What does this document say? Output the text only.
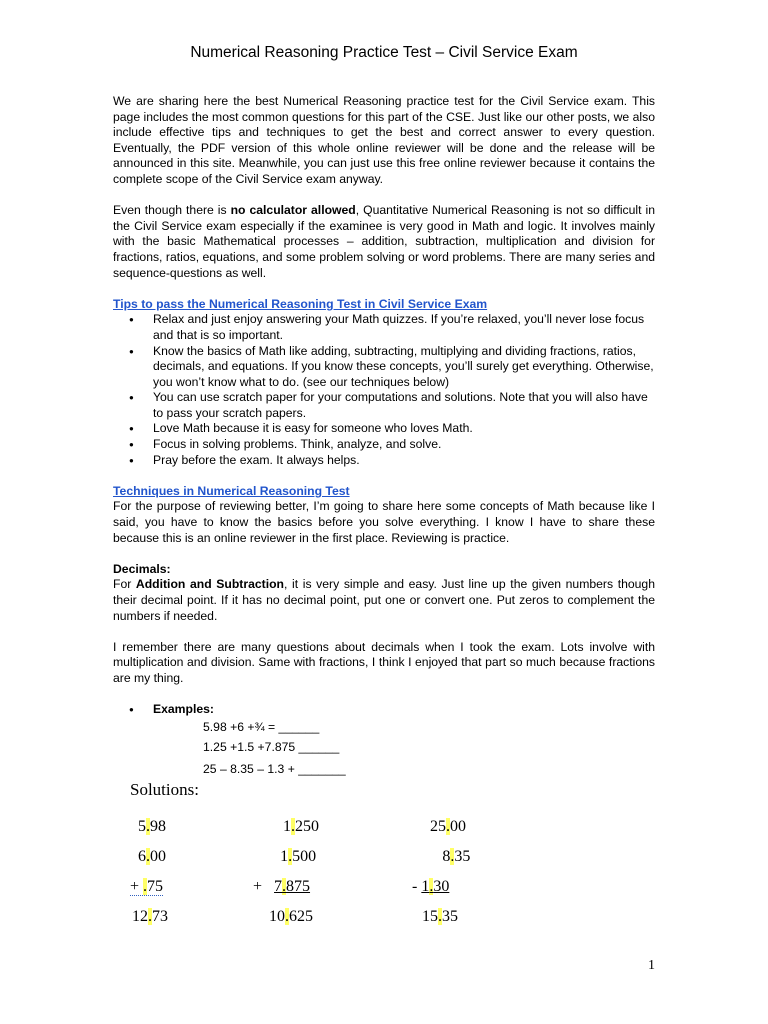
Numerical Reasoning Practice Test – Civil Service Exam

We are sharing here the best Numerical Reasoning practice test for the Civil Service exam. This page includes the most common questions for this part of the CSE. Just like our other posts, we also include effective tips and techniques to get the best and correct answer to every question. Eventually, the PDF version of this whole online reviewer will be done and the release will be announced in this site. Meanwhile, you can just use this free online reviewer because it contains the complete scope of the Civil Service exam anyway.

Even though there is no calculator allowed, Quantitative Numerical Reasoning is not so difficult in the Civil Service exam especially if the examinee is very good in Math and logic. It involves mainly with the basic Mathematical processes – addition, subtraction, multiplication and division for fractions, ratios, equations, and some problem solving or word problems. There are many series and sequence-questions as well.

Tips to pass the Numerical Reasoning Test in Civil Service Exam
● Relax and just enjoy answering your Math quizzes. If you’re relaxed, you’ll never lose focus and that is so important.
● Know the basics of Math like adding, subtracting, multiplying and dividing fractions, ratios, decimals, and equations. If you know these concepts, you’ll surely get everything. Otherwise, you won’t know what to do. (see our techniques below)
● You can use scratch paper for your computations and solutions. Note that you will also have to pass your scratch papers.
● Love Math because it is easy for someone who loves Math.
● Focus in solving problems. Think, analyze, and solve.
● Pray before the exam. It always helps.
Techniques in Numerical Reasoning Test

For the purpose of reviewing better, I’m going to share here some concepts of Math because like I said, you have to know the basics before you solve everything. I know I have to share these because this is an online reviewer in the first place. Reviewing is practice.

Decimals:

For Addition and Subtraction, it is very simple and easy. Just line up the given numbers though their decimal point. If it has no decimal point, put one or convert one. Put zeros to complement the numbers if needed.

I remember there are many questions about decimals when I took the exam. Lots involve with multiplication and division. Same with fractions, I think I enjoyed that part so much because fractions are my thing.

● Examples:
5.98 +6 +¾ = ______
1.25 +1.5 +7.875 ______
25 – 8.35 – 1.3 + _______
Solutions:
5.98	1.250	25.00
6.00	1.500	8.35
+ .75	+   7.875	- 1.30
12.73	10.625	15.35
1
